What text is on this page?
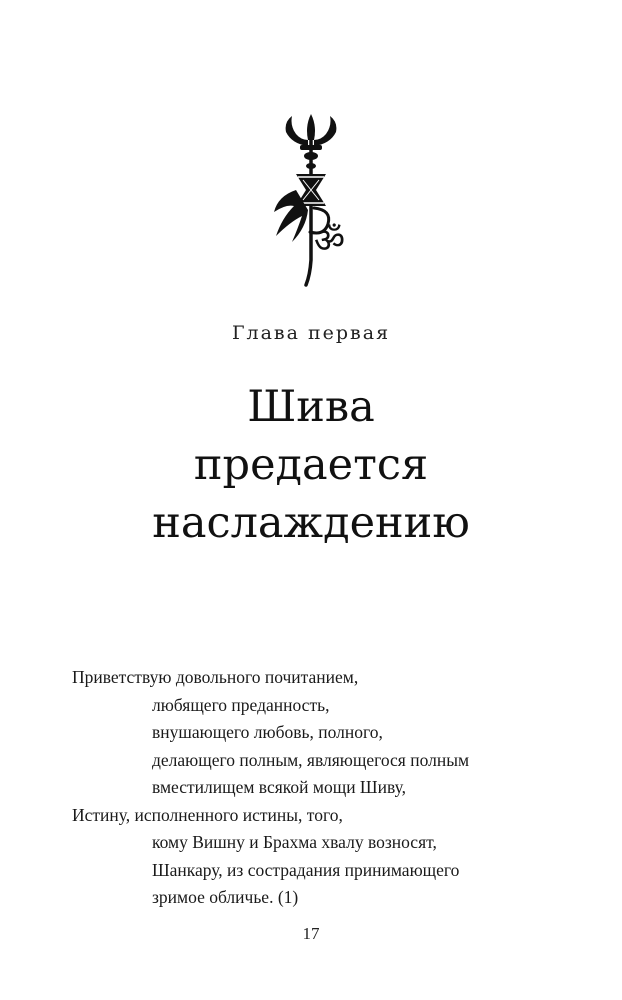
ॐ
Глава первая
Шива
предается
наслаждению
Приветствую довольного почитанием,
любящего преданность,
внушающего любовь, полного,
делающего полным, являющегося полным
вместилищем всякой мощи Шиву,
Истину, исполненного истины, того,
кому Вишну и Брахма хвалу возносят,
Шанкару, из сострадания принимающего
зримое обличье. (1)
17
